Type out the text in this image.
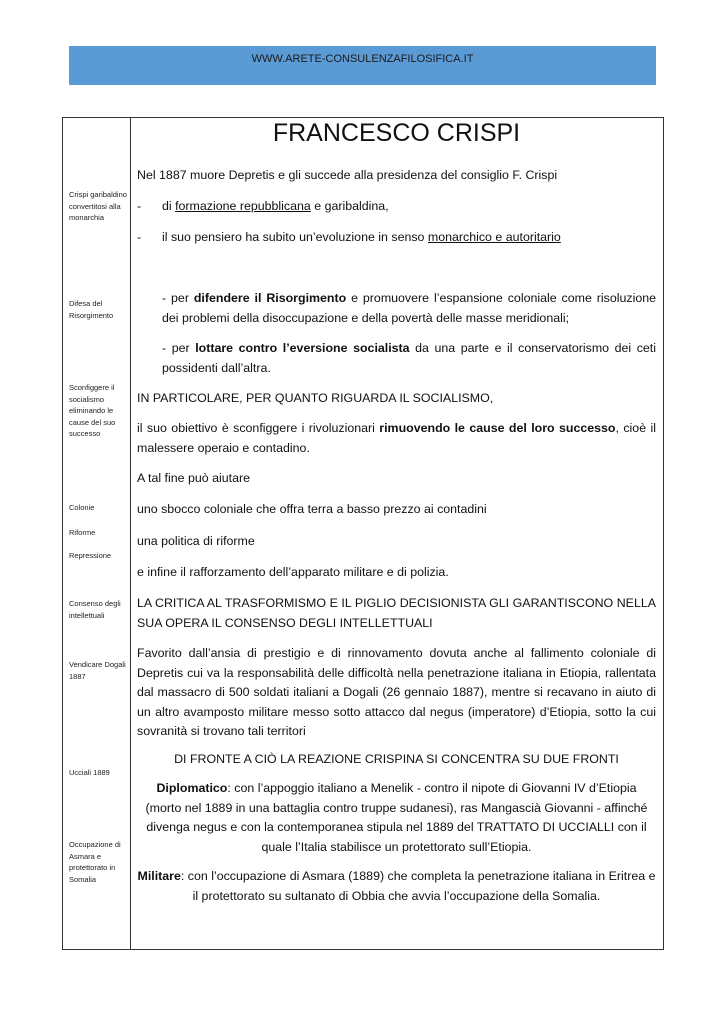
WWW.ARETE-CONSULENZAFILOSIFICA.IT
Crispi garibaldino convertitosi alla monarchia
Difesa del Risorgimento
Sconfiggere il socialismo eliminando le cause del suo successo
Colonie
Riforme
Repressione
Consenso degli intellettuali
Vendicare Dogali 1887
Ucciali 1889
Occupazione di Asmara e protettorato in Somalia
FRANCESCO CRISPI
Nel 1887 muore Depretis e gli succede alla presidenza del consiglio F. Crispi
- di formazione repubblicana e garibaldina,
- il suo pensiero ha subito un’evoluzione in senso monarchico e autoritario
- per difendere il Risorgimento e promuovere l’espansione coloniale come risoluzione dei problemi della disoccupazione e della povertà delle masse meridionali;
- per lottare contro l’eversione socialista da una parte e il conservatorismo dei ceti possidenti dall’altra.
IN PARTICOLARE, PER QUANTO RIGUARDA IL SOCIALISMO,
il suo obiettivo è sconfiggere i rivoluzionari rimuovendo le cause del loro successo, cioè il malessere operaio e contadino.
A tal fine può aiutare
uno sbocco coloniale che offra terra a basso prezzo ai contadini
una politica di riforme
e infine il rafforzamento dell’apparato militare e di polizia.
LA CRITICA AL TRASFORMISMO E IL PIGLIO DECISIONISTA GLI GARANTISCONO NELLA SUA OPERA IL CONSENSO DEGLI INTELLETTUALI
Favorito dall’ansia di prestigio e di rinnovamento dovuta anche al fallimento coloniale di Depretis cui va la responsabilità delle difficoltà nella penetrazione italiana in Etiopia, rallentata dal massacro di 500 soldati italiani a Dogali (26 gennaio 1887), mentre si recavano in aiuto di un altro avamposto militare messo sotto attacco dal negus (imperatore) d’Etiopia, sotto la cui sovranità si trovano tali territori
DI FRONTE A CIÒ LA REAZIONE CRISPINA SI CONCENTRA SU DUE FRONTI
Diplomatico: con l’appoggio italiano a Menelik - contro il nipote di Giovanni IV d’Etiopia (morto nel 1889 in una battaglia contro truppe sudanesi), ras Mangascià Giovanni - affinché divenga negus e con la contemporanea stipula nel 1889 del TRATTATO DI UCCIALLI con il quale l’Italia stabilisce un protettorato sull’Etiopia.
Militare: con l’occupazione di Asmara (1889) che completa la penetrazione italiana in Eritrea e il protettorato su sultanato di Obbia che avvia l’occupazione della Somalia.
